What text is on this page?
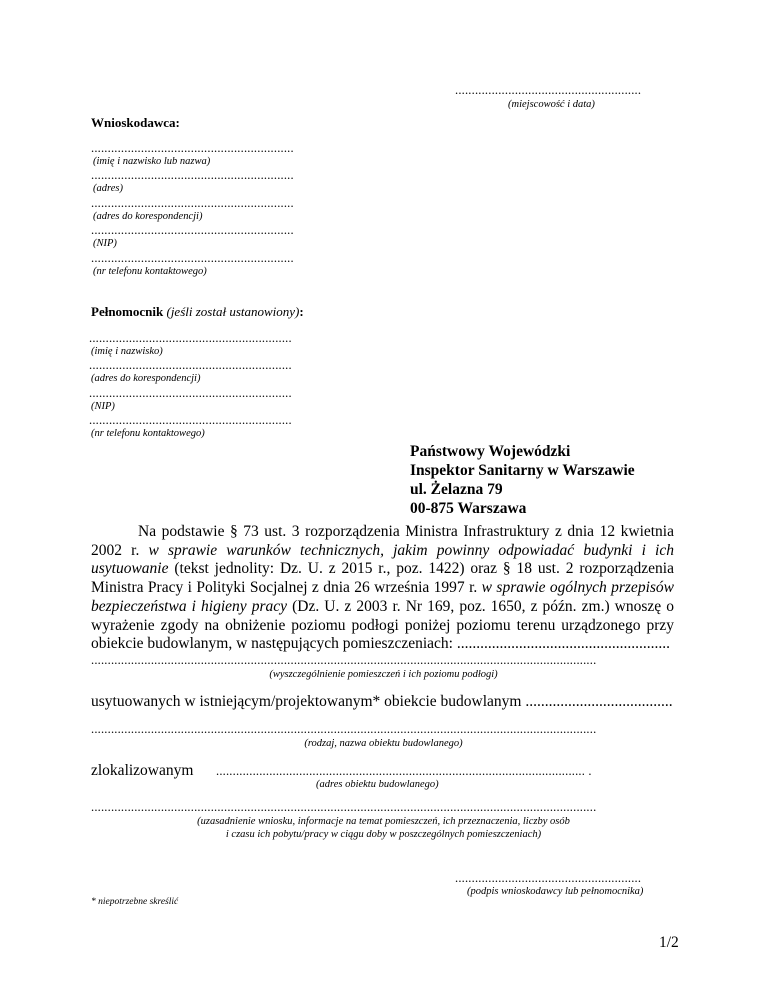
........................................................
(miejscowość i data)
Wnioskodawca:
.............................................................
(imię i nazwisko lub nazwa)
.............................................................
(adres)
.............................................................
(adres do korespondencji)
.............................................................
(NIP)
.............................................................
(nr telefonu kontaktowego)
Pełnomocnik (jeśli został ustanowiony):
.............................................................
(imię i nazwisko)
.............................................................
(adres do korespondencji)
.............................................................
(NIP)
.............................................................
(nr telefonu kontaktowego)
Państwowy Wojewódzki
Inspektor Sanitarny w Warszawie
ul. Żelazna 79
00-875 Warszawa
Na podstawie § 73 ust. 3 rozporządzenia Ministra Infrastruktury z dnia 12 kwietnia 2002 r. w sprawie warunków technicznych, jakim powinny odpowiadać budynki i ich usytuowanie (tekst jednolity: Dz. U. z 2015 r., poz. 1422) oraz § 18 ust. 2 rozporządzenia Ministra Pracy i Polityki Socjalnej z dnia 26 września 1997 r. w sprawie ogólnych przepisów bezpieczeństwa i higieny pracy (Dz. U. z 2003 r. Nr 169, poz. 1650, z późn. zm.) wnoszę o wyrażenie zgody na obniżenie poziomu podłogi poniżej poziomu terenu urządzonego przy obiekcie budowlanym, w następujących pomieszczeniach: .......................................................
........................................................................................................................................................
(wyszczególnienie pomieszczeń i ich poziomu podłogi)
usytuowanych w istniejącym/projektowanym* obiekcie budowlanym ......................................
........................................................................................................................................................
(rodzaj, nazwa obiektu budowlanego)
zlokalizowanym ............................................................................................................... .
(adres obiektu budowlanego)
........................................................................................................................................................
(uzasadnienie wniosku, informacje na temat pomieszczeń, ich przeznaczenia, liczby osób
i czasu ich pobytu/pracy w ciągu doby w poszczególnych pomieszczeniach)
........................................................
(podpis wnioskodawcy lub pełnomocnika)
* niepotrzebne skreślić
1/2
